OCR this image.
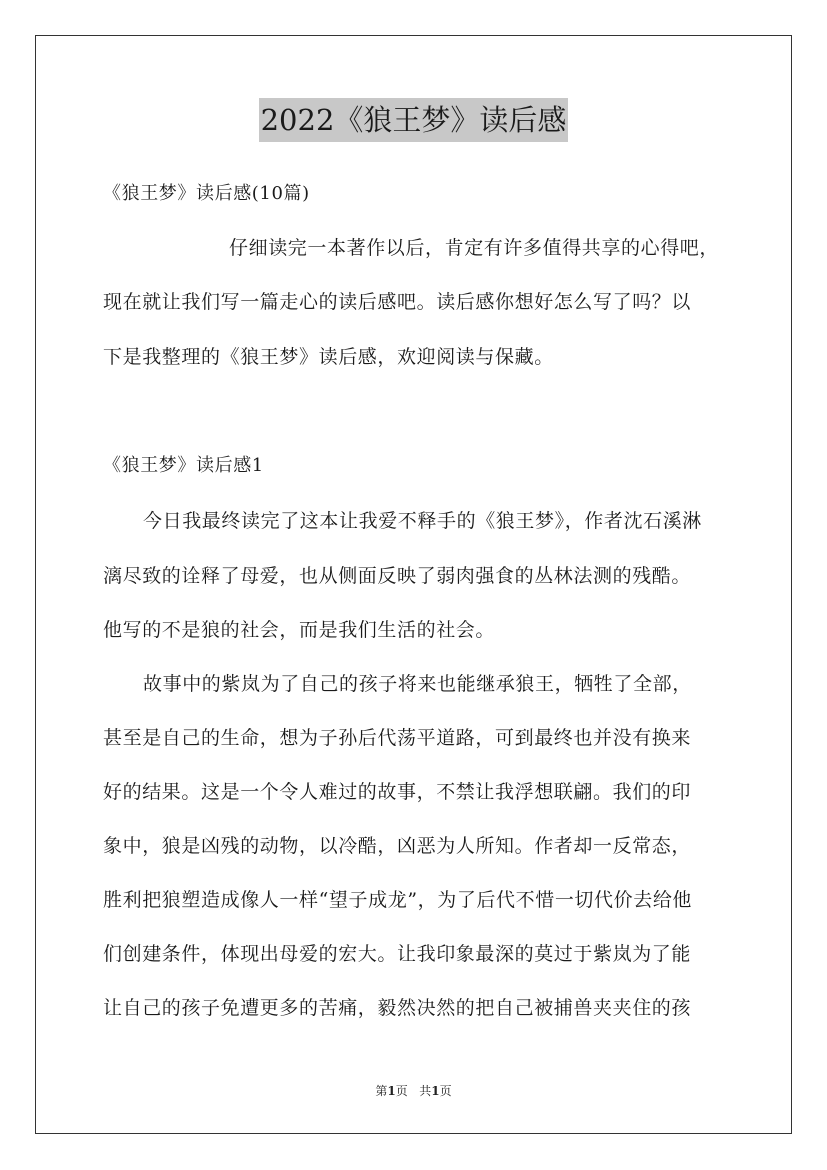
2022《狼王梦》读后感
《狼王梦》读后感(10篇)
仔细读完一本著作以后，肯定有许多值得共享的心得吧，
现在就让我们写一篇走心的读后感吧。读后感你想好怎么写了吗？以
下是我整理的《狼王梦》读后感，欢迎阅读与保藏。
《狼王梦》读后感1
今日我最终读完了这本让我爱不释手的《狼王梦》，作者沈石溪淋
漓尽致的诠释了母爱，也从侧面反映了弱肉强食的丛林法测的残酷。
他写的不是狼的社会，而是我们生活的社会。
故事中的紫岚为了自己的孩子将来也能继承狼王，牺牲了全部，
甚至是自己的生命，想为子孙后代荡平道路，可到最终也并没有换来
好的结果。这是一个令人难过的故事，不禁让我浮想联翩。我们的印
象中，狼是凶残的动物，以冷酷，凶恶为人所知。作者却一反常态，
胜利把狼塑造成像人一样“望子成龙”，为了后代不惜一切代价去给他
们创建条件，体现出母爱的宏大。让我印象最深的莫过于紫岚为了能
让自己的孩子免遭更多的苦痛，毅然决然的把自己被捕兽夹夹住的孩
第1页   共1页
